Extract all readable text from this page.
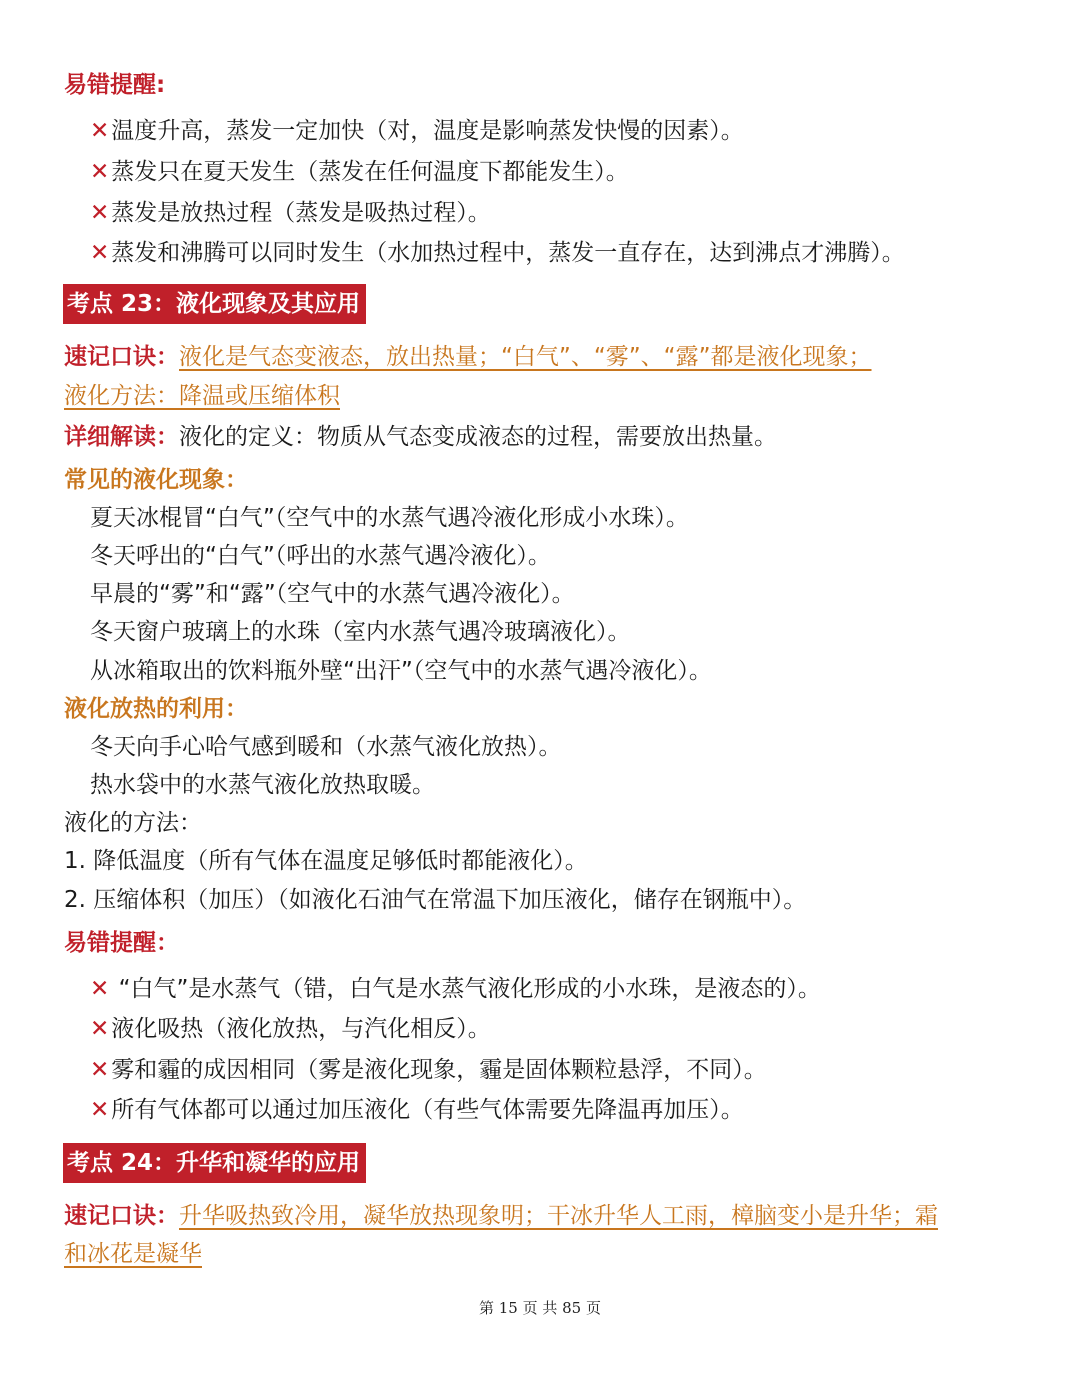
易错提醒:
✕温度升高，蒸发一定加快（对，温度是影响蒸发快慢的因素）。
✕蒸发只在夏天发生（蒸发在任何温度下都能发生）。
✕蒸发是放热过程（蒸发是吸热过程）。
✕蒸发和沸腾可以同时发生（水加热过程中，蒸发一直存在，达到沸点才沸腾）。
考点 23：液化现象及其应用
速记口诀：液化是气态变液态，放出热量；“白气”、“雾”、“露”都是液化现象；
液化方法：降温或压缩体积
详细解读：液化的定义：物质从气态变成液态的过程，需要放出热量。
常见的液化现象：
夏天冰棍冒“白气”（空气中的水蒸气遇冷液化形成小水珠）。
冬天呼出的“白气”（呼出的水蒸气遇冷液化）。
早晨的“雾”和“露”（空气中的水蒸气遇冷液化）。
冬天窗户玻璃上的水珠（室内水蒸气遇冷玻璃液化）。
从冰箱取出的饮料瓶外壁“出汗”（空气中的水蒸气遇冷液化）。
液化放热的利用：
冬天向手心哈气感到暖和（水蒸气液化放热）。
热水袋中的水蒸气液化放热取暖。
液化的方法：
1. 降低温度（所有气体在温度足够低时都能液化）。
2. 压缩体积（加压）（如液化石油气在常温下加压液化，储存在钢瓶中）。
易错提醒：
✕ “白气”是水蒸气（错，白气是水蒸气液化形成的小水珠，是液态的）。
✕液化吸热（液化放热，与汽化相反）。
✕雾和霾的成因相同（雾是液化现象，霾是固体颗粒悬浮，不同）。
✕所有气体都可以通过加压液化（有些气体需要先降温再加压）。
考点 24：升华和凝华的应用
速记口诀：升华吸热致冷用，凝华放热现象明；干冰升华人工雨，樟脑变小是升华；霜
和冰花是凝华
第 15 页 共 85 页
